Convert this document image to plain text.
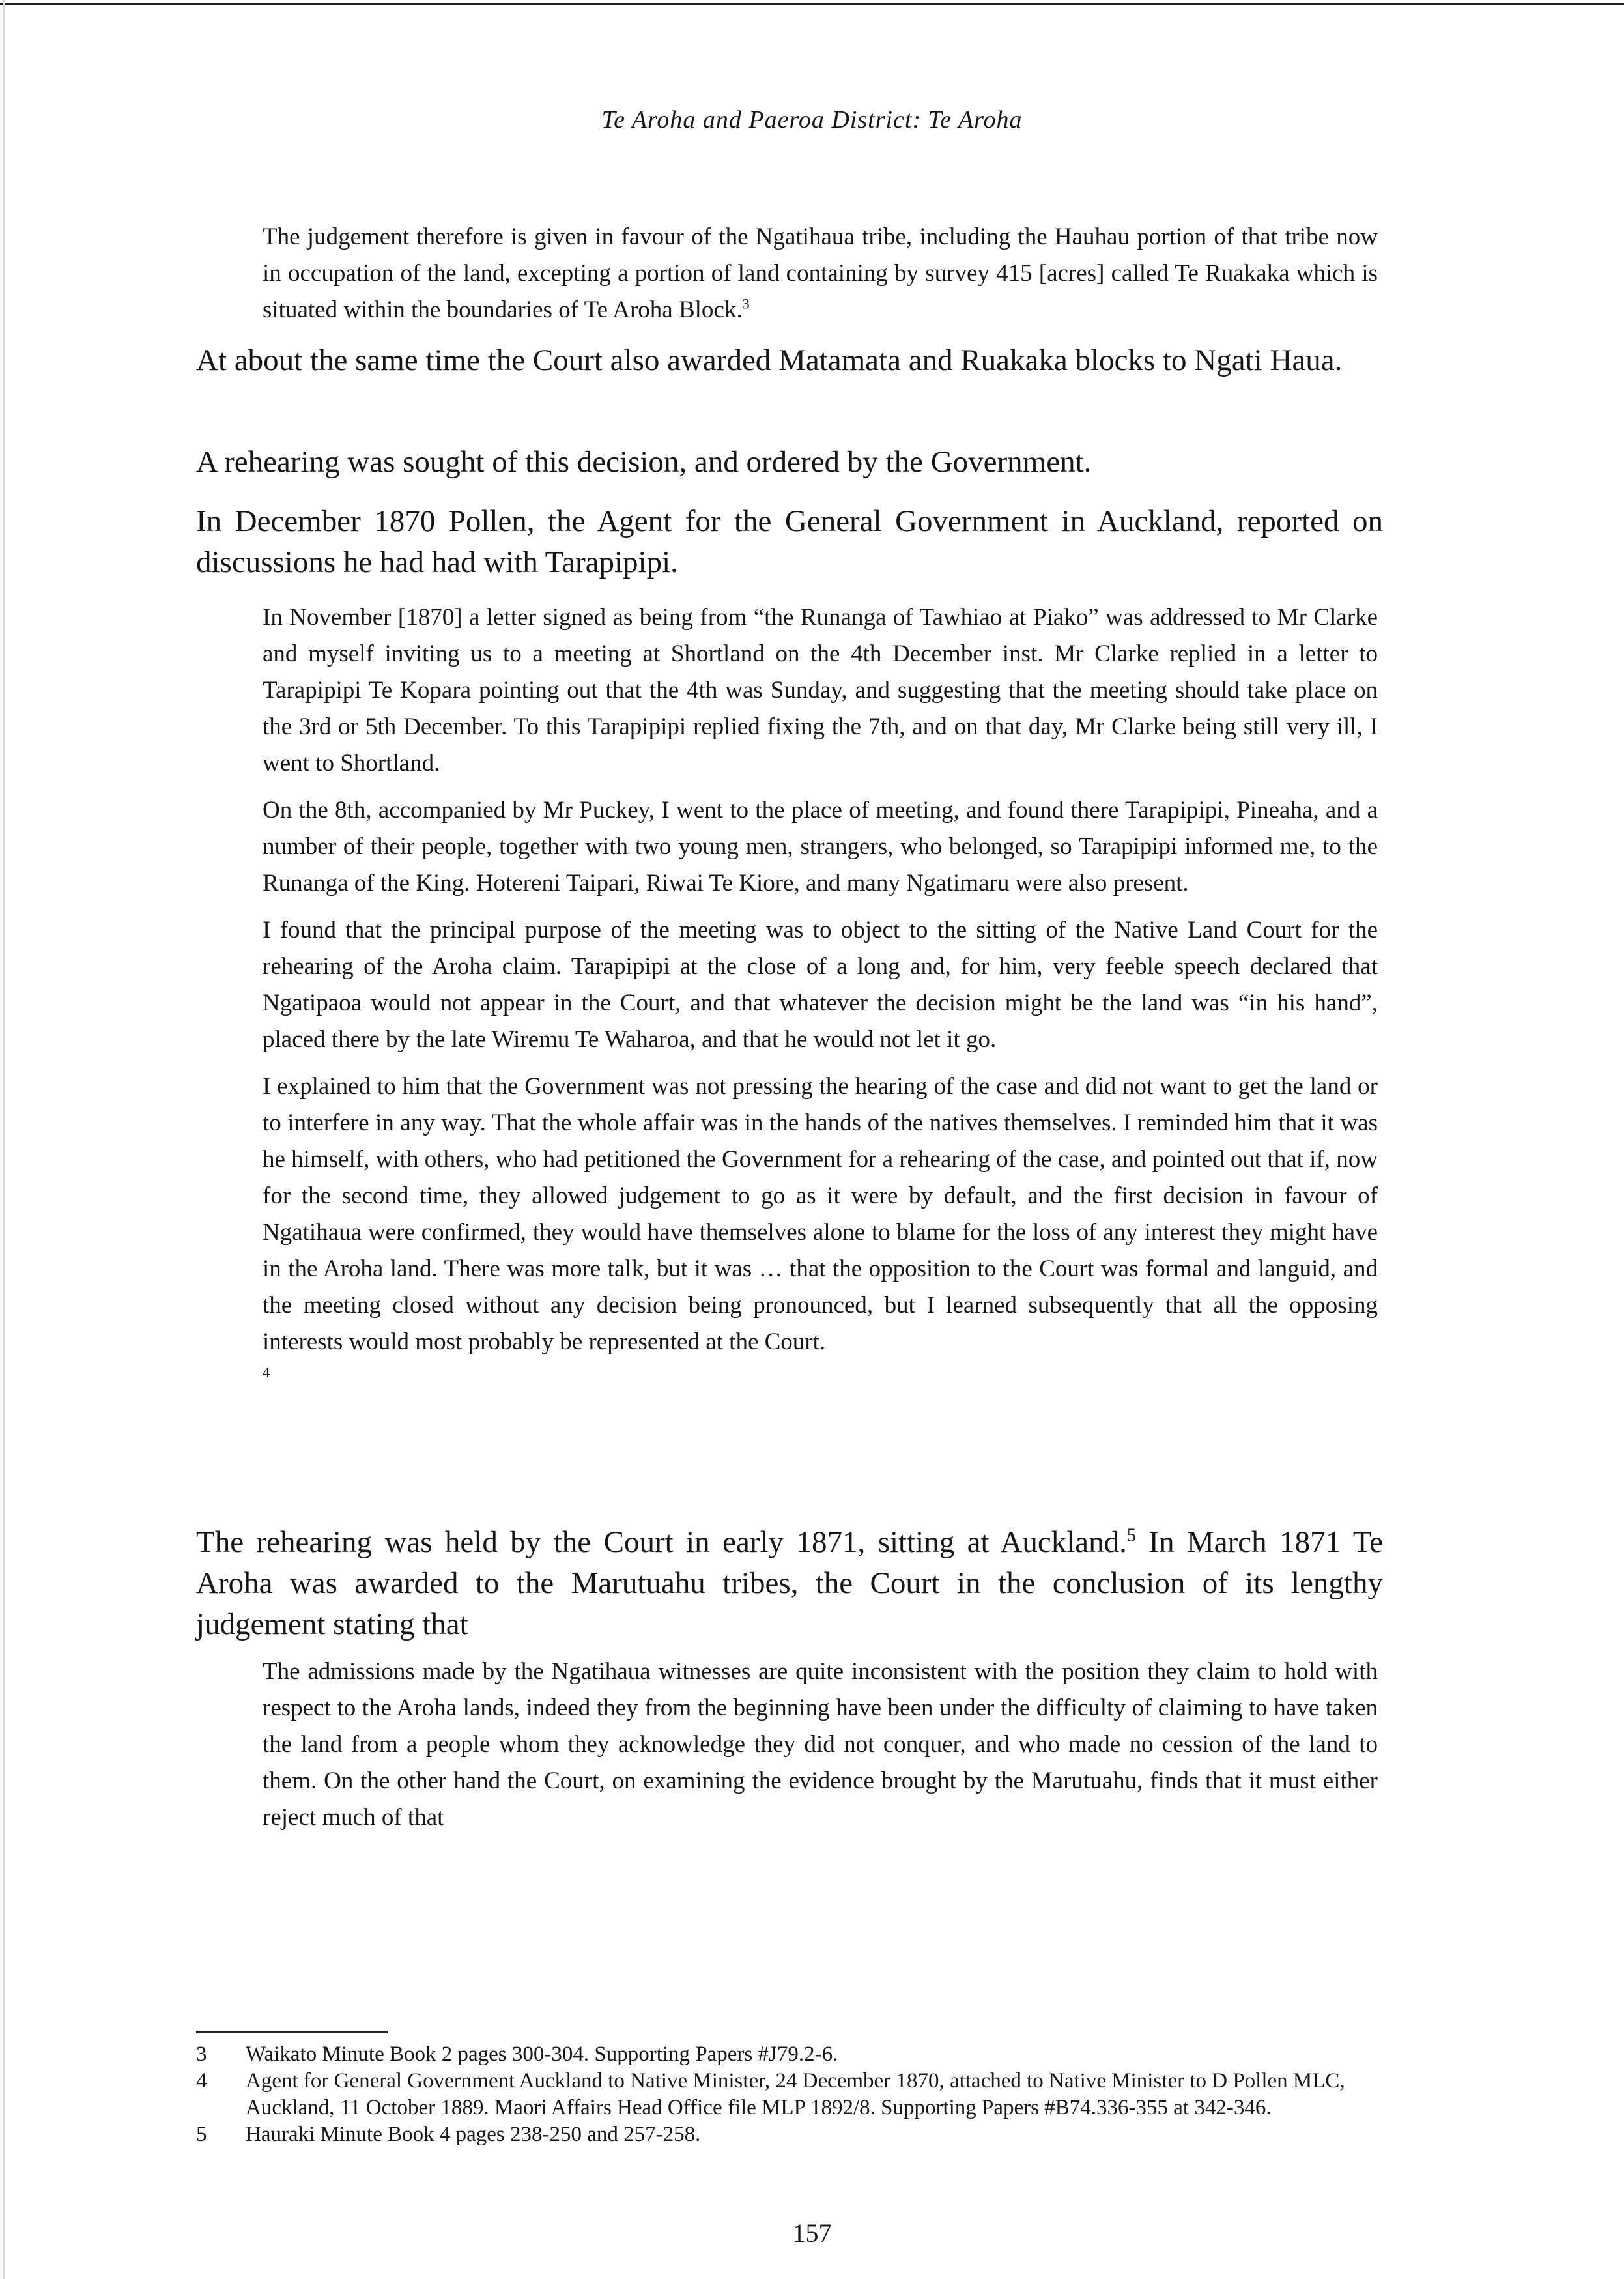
Te Aroha and Paeroa District: Te Aroha

The judgement therefore is given in favour of the Ngatihaua tribe, including the Hauhau portion of that tribe now in occupation of the land, excepting a portion of land containing by survey 415 [acres] called Te Ruakaka which is situated within the boundaries of Te Aroha Block.$^3$

At about the same time the Court also awarded Matamata and Ruakaka blocks to Ngati Haua.

A rehearing was sought of this decision, and ordered by the Government.

In December 1870 Pollen, the Agent for the General Government in Auckland, reported on discussions he had had with Tarapipipi.

In November [1870] a letter signed as being from “the Runanga of Tawhiao at Piako” was addressed to Mr Clarke and myself inviting us to a meeting at Shortland on the 4th December inst. Mr Clarke replied in a letter to Tarapipipi Te Kopara pointing out that the 4th was Sunday, and suggesting that the meeting should take place on the 3rd or 5th December. To this Tarapipipi replied fixing the 7th, and on that day, Mr Clarke being still very ill, I went to Shortland.
On the 8th, accompanied by Mr Puckey, I went to the place of meeting, and found there Tarapipipi, Pineaha, and a number of their people, together with two young men, strangers, who belonged, so Tarapipipi informed me, to the Runanga of the King. Hotereni Taipari, Riwai Te Kiore, and many Ngatimaru were also present.
I found that the principal purpose of the meeting was to object to the sitting of the Native Land Court for the rehearing of the Aroha claim. Tarapipipi at the close of a long and, for him, very feeble speech declared that Ngatipaoa would not appear in the Court, and that whatever the decision might be the land was “in his hand”, placed there by the late Wiremu Te Waharoa, and that he would not let it go.
I explained to him that the Government was not pressing the hearing of the case and did not want to get the land or to interfere in any way. That the whole affair was in the hands of the natives themselves. I reminded him that it was he himself, with others, who had petitioned the Government for a rehearing of the case, and pointed out that if, now for the second time, they allowed judgement to go as it were by default, and the first decision in favour of Ngatihaua were confirmed, they would have themselves alone to blame for the loss of any interest they might have in the Aroha land. There was more talk, but it was … that the opposition to the Court was formal and languid, and the meeting closed without any decision being pronounced, but I learned subsequently that all the opposing interests would most probably be represented at the Court.
$^4$

The rehearing was held by the Court in early 1871, sitting at Auckland.$^5$ In March 1871 Te Aroha was awarded to the Marutuahu tribes, the Court in the conclusion of its lengthy judgement stating that

The admissions made by the Ngatihaua witnesses are quite inconsistent with the position they claim to hold with respect to the Aroha lands, indeed they from the beginning have been under the difficulty of claiming to have taken the land from a people whom they acknowledge they did not conquer, and who made no cession of the land to them. On the other hand the Court, on examining the evidence brought by the Marutuahu, finds that it must either reject much of that

3	Waikato Minute Book 2 pages 300-304. Supporting Papers #J79.2-6.
4	Agent for General Government Auckland to Native Minister, 24 December 1870, attached to Native Minister to D Pollen MLC, Auckland, 11 October 1889. Maori Affairs Head Office file MLP 1892/8. Supporting Papers #B74.336-355 at 342-346.
5	Hauraki Minute Book 4 pages 238-250 and 257-258.
157
